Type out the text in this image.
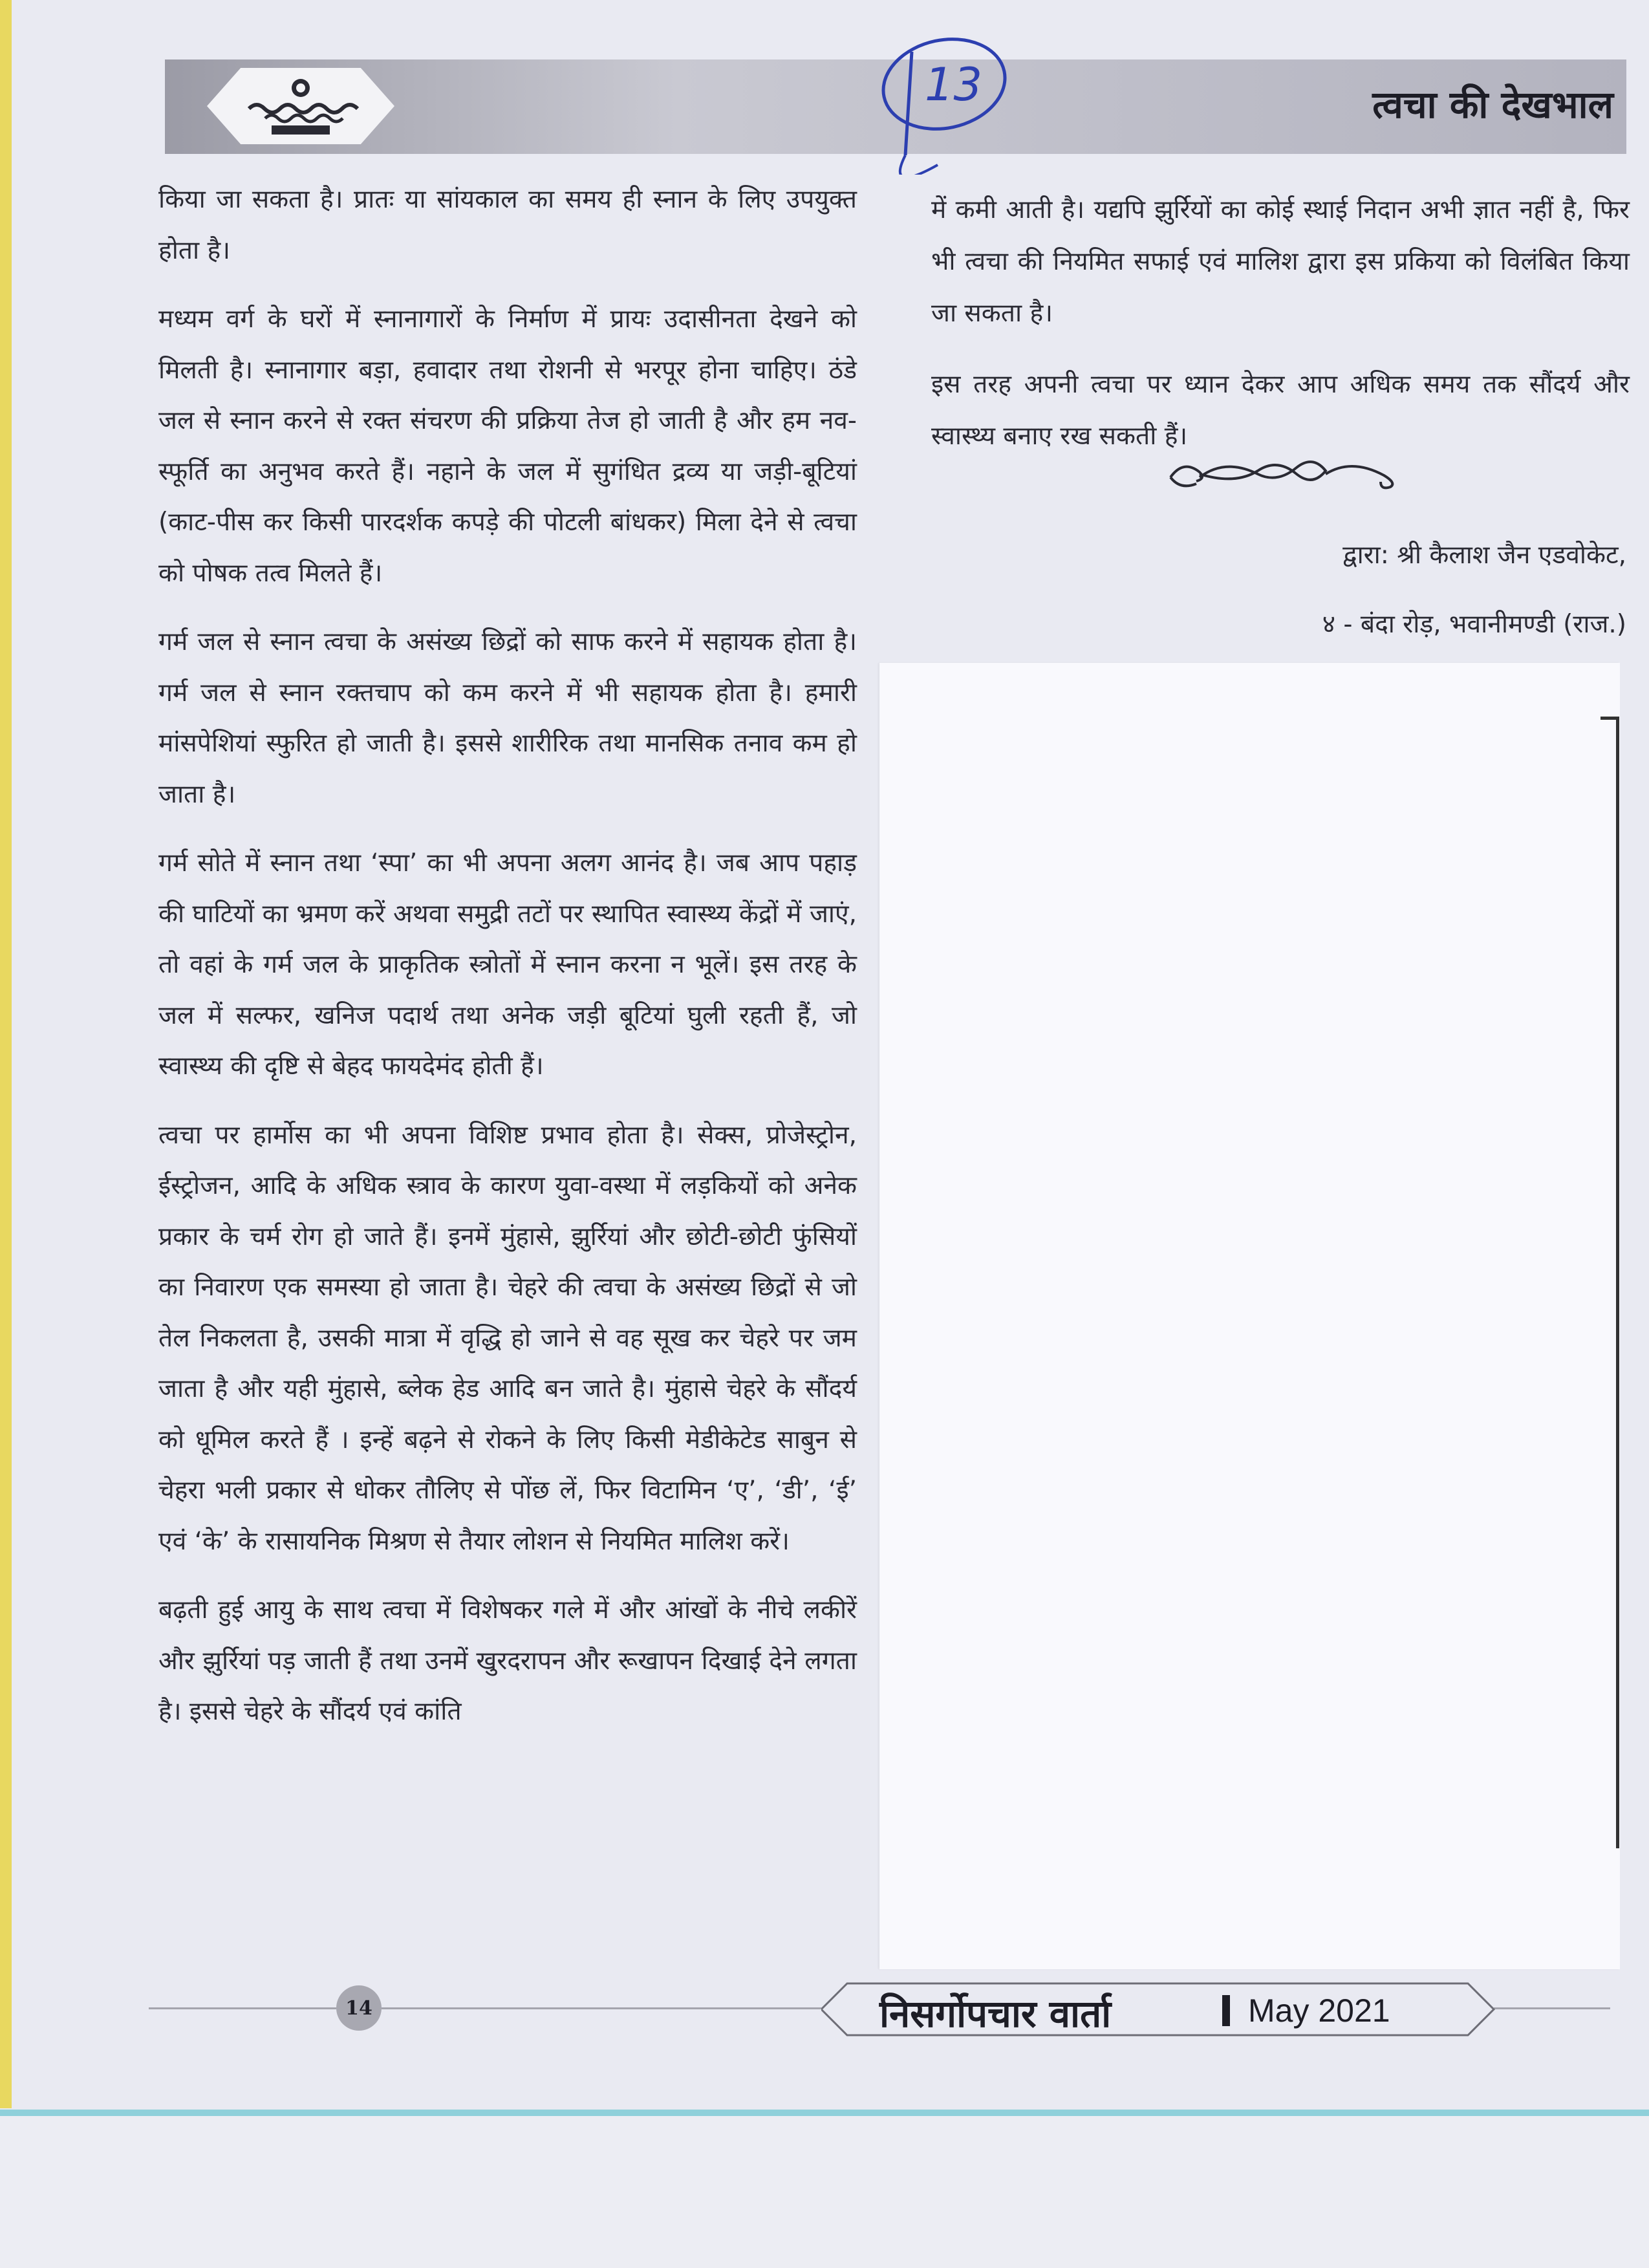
त्वचा की देखभाल
13

किया जा सकता है। प्रातः या सांयकाल का समय ही स्नान के लिए उपयुक्त होता है।

मध्यम वर्ग के घरों में स्नानागारों के निर्माण में प्रायः उदासीनता देखने को मिलती है। स्नानागार बड़ा, हवादार तथा रोशनी से भरपूर होना चाहिए। ठंडे जल से स्नान करने से रक्त संचरण की प्रक्रिया तेज हो जाती है और हम नव-स्फूर्ति का अनुभव करते हैं। नहाने के जल में सुगंधित द्रव्य या जड़ी-बूटियां (काट-पीस कर किसी पारदर्शक कपड़े की पोटली बांधकर) मिला देने से त्वचा को पोषक तत्व मिलते हैं।

गर्म जल से स्नान त्वचा के असंख्य छिद्रों को साफ करने में सहायक होता है। गर्म जल से स्नान रक्तचाप को कम करने में भी सहायक होता है। हमारी मांसपेशियां स्फुरित हो जाती है। इससे शारीरिक तथा मानसिक तनाव कम हो जाता है।

गर्म सोते में स्नान तथा ‘स्पा’ का भी अपना अलग आनंद है। जब आप पहाड़ की घाटियों का भ्रमण करें अथवा समुद्री तटों पर स्थापित स्वास्थ्य केंद्रों में जाएं, तो वहां के गर्म जल के प्राकृतिक स्त्रोतों में स्नान करना न भूलें। इस तरह के जल में सल्फर, खनिज पदार्थ तथा अनेक जड़ी बूटियां घुली रहती हैं, जो स्वास्थ्य की दृष्टि से बेहद फायदेमंद होती हैं।

त्वचा पर हार्मोस का भी अपना विशिष्ट प्रभाव होता है। सेक्स, प्रोजेस्ट्रोन, ईस्ट्रोजन, आदि के अधिक स्त्राव के कारण युवा-वस्था में लड़कियों को अनेक प्रकार के चर्म रोग हो जाते हैं। इनमें मुंहासे, झुर्रियां और छोटी-छोटी फुंसियों का निवारण एक समस्या हो जाता है। चेहरे की त्वचा के असंख्य छिद्रों से जो तेल निकलता है, उसकी मात्रा में वृद्धि हो जाने से वह सूख कर चेहरे पर जम जाता है और यही मुंहासे, ब्लेक हेड आदि बन जाते है। मुंहासे चेहरे के सौंदर्य को धूमिल करते हैं । इन्हें बढ़ने से रोकने के लिए किसी मेडीकेटेड साबुन से चेहरा भली प्रकार से धोकर तौलिए से पोंछ लें, फिर विटामिन ‘ए’, ‘डी’, ‘ई’ एवं ‘के’ के रासायनिक मिश्रण से तैयार लोशन से नियमित मालिश करें।

बढ़ती हुई आयु के साथ त्वचा में विशेषकर गले में और आंखों के नीचे लकीरें और झुर्रियां पड़ जाती हैं तथा उनमें खुरदरापन और रूखापन दिखाई देने लगता है। इससे चेहरे के सौंदर्य एवं कांति

में कमी आती है। यद्यपि झुर्रियों का कोई स्थाई निदान अभी ज्ञात नहीं है, फिर भी त्वचा की नियमित सफाई एवं मालिश द्वारा इस प्रकिया को विलंबित किया जा सकता है।

इस तरह अपनी त्वचा पर ध्यान देकर आप अधिक समय तक सौंदर्य और स्वास्थ्य बनाए रख सकती हैं।

द्वारा: श्री कैलाश जैन एडवोकेट,
४ - बंदा रोड़, भवानीमण्डी (राज.)
14	निसर्गोपचार वार्ता	May 2021
